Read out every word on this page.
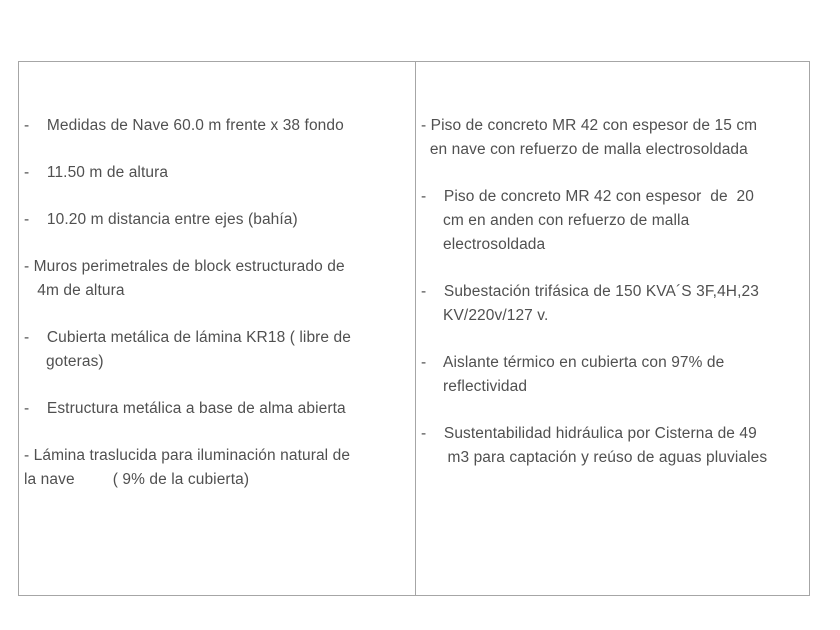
-    Medidas de Nave 60.0 m frente x 38 fondo
-    11.50 m de altura
-    10.20 m distancia entre ejes (bahía)
- Muros perimetrales de block estructurado de
4m de altura
-    Cubierta metálica de lámina KR18 ( libre de
goteras)
-    Estructura metálica a base de alma abierta
- Lámina traslucida para iluminación natural de
la nave ( 9% de la cubierta)
- Piso de concreto MR 42 con espesor de 15 cm
en nave con refuerzo de malla electrosoldada
-    Piso de concreto MR 42 con espesor  de  20
cm en anden con refuerzo de malla
electrosoldada
-    Subestación trifásica de 150 KVA´S 3F,4H,23
KV/220v/127 v.
-    Aislante térmico en cubierta con 97% de
reflectividad
-    Sustentabilidad hidráulica por Cisterna de 49
m3 para captación y reúso de aguas pluviales
